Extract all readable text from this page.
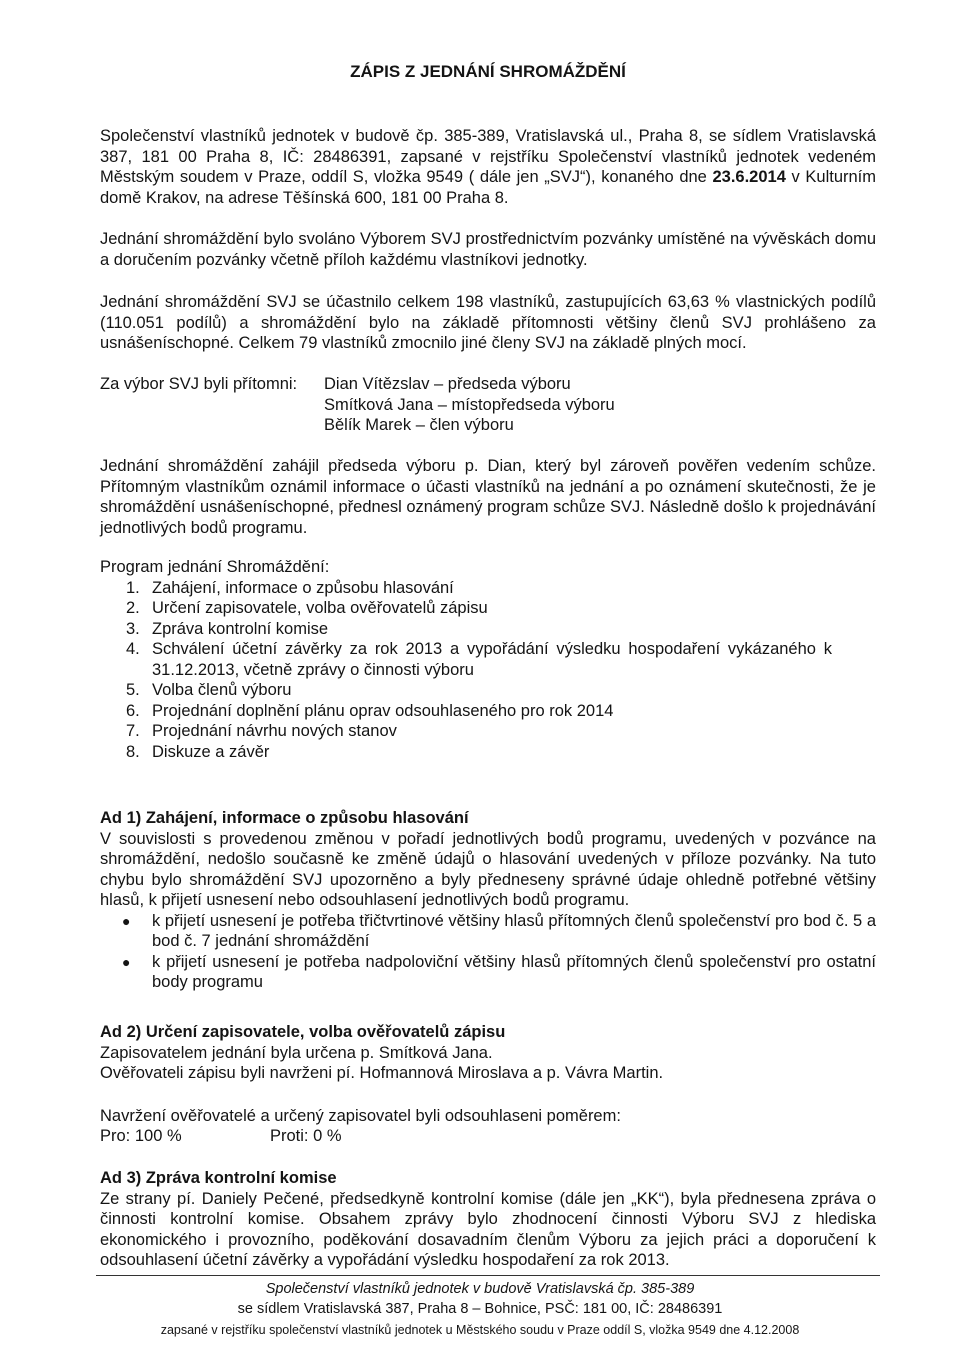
ZÁPIS Z JEDNÁNÍ SHROMÁŽDĚNÍ
Společenství vlastníků jednotek v budově čp. 385-389, Vratislavská ul., Praha 8, se sídlem Vratislavská 387, 181 00 Praha 8, IČ: 28486391, zapsané v rejstříku Společenství vlastníků jednotek vedeném Městským soudem v Praze, oddíl S, vložka 9549 ( dále jen „SVJ“), konaného dne 23.6.2014 v Kulturním domě Krakov, na adrese Těšínská 600, 181 00 Praha 8.
Jednání shromáždění bylo svoláno Výborem SVJ prostřednictvím pozvánky umístěné na vývěskách domu a doručením pozvánky včetně příloh každému vlastníkovi jednotky.
Jednání shromáždění SVJ se účastnilo celkem 198 vlastníků, zastupujících 63,63 % vlastnických podílů (110.051 podílů) a shromáždění bylo na základě přítomnosti většiny členů SVJ prohlášeno za usnášeníschopné. Celkem 79 vlastníků zmocnilo jiné členy SVJ na základě plných mocí.
Za výbor SVJ byli přítomni: Dian Vítězslav – předseda výboru
Smítková Jana – místopředseda výboru
Bělík Marek – člen výboru
Jednání shromáždění zahájil předseda výboru p. Dian, který byl zároveň pověřen vedením schůze. Přítomným vlastníkům oznámil informace o účasti vlastníků na jednání a po oznámení skutečnosti, že je shromáždění usnášeníschopné, přednesl oznámený program schůze SVJ. Následně došlo k projednávání jednotlivých bodů programu.
Program jednání Shromáždění:
1. Zahájení, informace o způsobu hlasování
2. Určení zapisovatele, volba ověřovatelů zápisu
3. Zpráva kontrolní komise
4. Schválení účetní závěrky za rok 2013 a vypořádání výsledku hospodaření vykázaného k 31.12.2013, včetně zprávy o činnosti výboru
5. Volba členů výboru
6. Projednání doplnění plánu oprav odsouhlaseného pro rok 2014
7. Projednání návrhu nových stanov
8. Diskuze a závěr
Ad 1) Zahájení, informace o způsobu hlasování

V souvislosti s provedenou změnou v pořadí jednotlivých bodů programu, uvedených v pozvánce na shromáždění, nedošlo současně ke změně údajů o hlasování uvedených v příloze pozvánky. Na tuto chybu bylo shromáždění SVJ upozorněno a byly předneseny správné údaje ohledně potřebné většiny hlasů, k přijetí usnesení nebo odsouhlasení jednotlivých bodů programu.

● k přijetí usnesení je potřeba třičtvrtinové většiny hlasů přítomných členů společenství pro bod č. 5 a bod č. 7 jednání shromáždění
● k přijetí usnesení je potřeba nadpoloviční většiny hlasů přítomných členů společenství pro ostatní body programu
Ad 2) Určení zapisovatele, volba ověřovatelů zápisu

Zapisovatelem jednání byla určena p. Smítková Jana.

Ověřovateli zápisu byli navrženi pí. Hofmannová Miroslava a p. Vávra Martin.

Navržení ověřovatelé a určený zapisovatel byli odsouhlaseni poměrem:

Pro: 100 %	Proti: 0 %

Ad 3) Zpráva kontrolní komise

Ze strany pí. Daniely Pečené, předsedkyně kontrolní komise (dále jen „KK“), byla přednesena zpráva o činnosti kontrolní komise. Obsahem zprávy bylo zhodnocení činnosti Výboru SVJ z hlediska ekonomického i provozního, poděkování dosavadním členům Výboru za jejich práci a doporučení k odsouhlasení účetní závěrky a vypořádání výsledku hospodaření za rok 2013.

Společenství vlastníků jednotek v budově Vratislavská čp. 385-389
se sídlem Vratislavská 387, Praha 8 – Bohnice, PSČ: 181 00, IČ: 28486391
zapsané v rejstříku společenství vlastníků jednotek u Městského soudu v Praze oddíl S, vložka 9549 dne 4.12.2008
